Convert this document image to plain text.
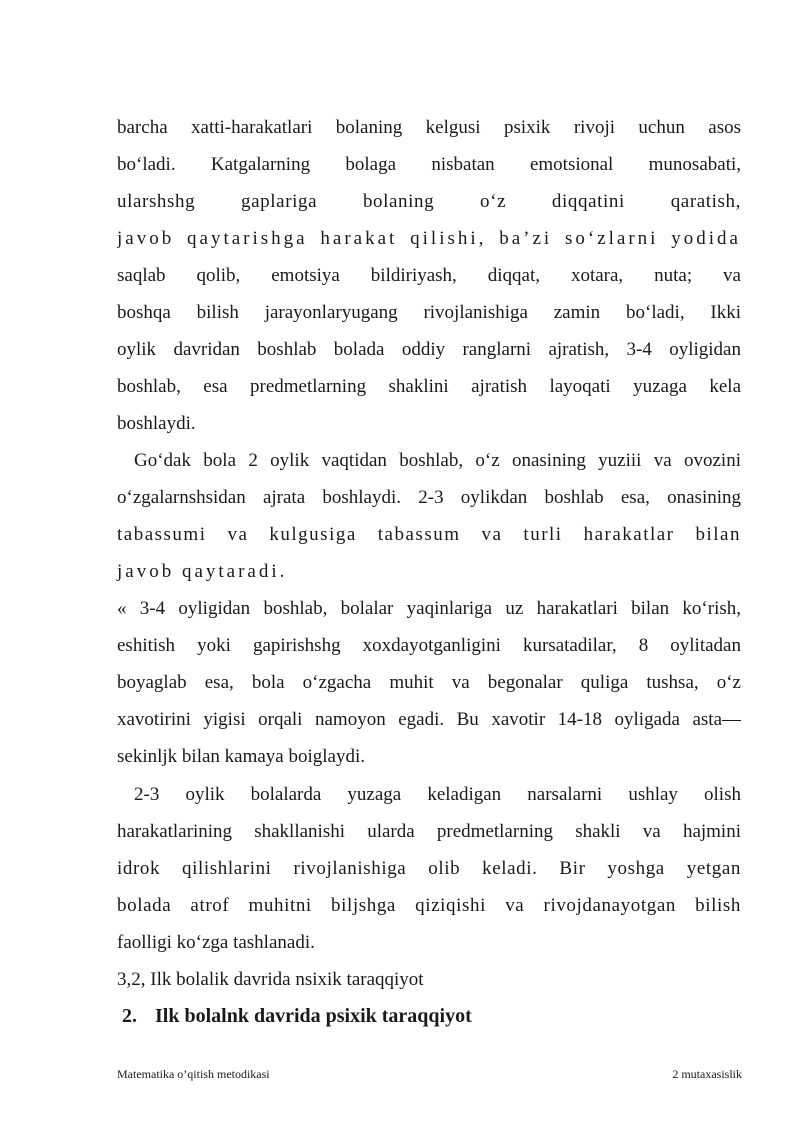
barcha xatti-harakatlari bolaning kelgusi psixik rivoji uchun asos
bo‘ladi. Katgalarning bolaga nisbatan emotsional munosabati,
ularshshg gaplariga bolaning o‘z diqqatini qaratish,
javob qaytarishga harakat qilishi, ba’zi so‘zlarni yodida
saqlab qolib, emotsiya bildiriyash, diqqat, xotara, nuta; va
boshqa bilish jarayonlaryugang rivojlanishiga zamin bo‘ladi, Ikki
oylik davridan boshlab bolada oddiy ranglarni ajratish, 3-4 oyligidan
boshlab, esa predmetlarning shaklini ajratish layoqati yuzaga kela
boshlaydi.
Go‘dak bola 2 oylik vaqtidan boshlab, o‘z onasining yuziii va ovozini
o‘zgalarnshsidan ajrata boshlaydi. 2-3 oylikdan boshlab esa, onasining
tabassumi va kulgusiga tabassum va turli harakatlar bilan
javob qaytaradi.
« 3-4 oyligidan boshlab, bolalar yaqinlariga uz harakatlari bilan ko‘rish,
eshitish yoki gapirishshg xoxdayotganligini kursatadilar, 8 oylitadan
boyaglab esa, bola o‘zgacha muhit va begonalar quliga tushsa, o‘z
xavotirini yigisi orqali namoyon egadi. Bu xavotir 14-18 oyligada asta—
sekinljk bilan kamaya boiglaydi.
2-3 oylik bolalarda yuzaga keladigan narsalarni ushlay olish
harakatlarining shakllanishi ularda predmetlarning shakli va hajmini
idrok qilishlarini rivojlanishiga olib keladi. Bir yoshga yetgan
bolada atrof muhitni biljshga qiziqishi va rivojdanayotgan bilish
faolligi ko‘zga tashlanadi.
3,2, Ilk bolalik davrida nsixik taraqqiyot
2. Ilk bolalnk davrida psixik taraqqiyot
Matematika o’qitish metodikasi	2 mutaxasislik
